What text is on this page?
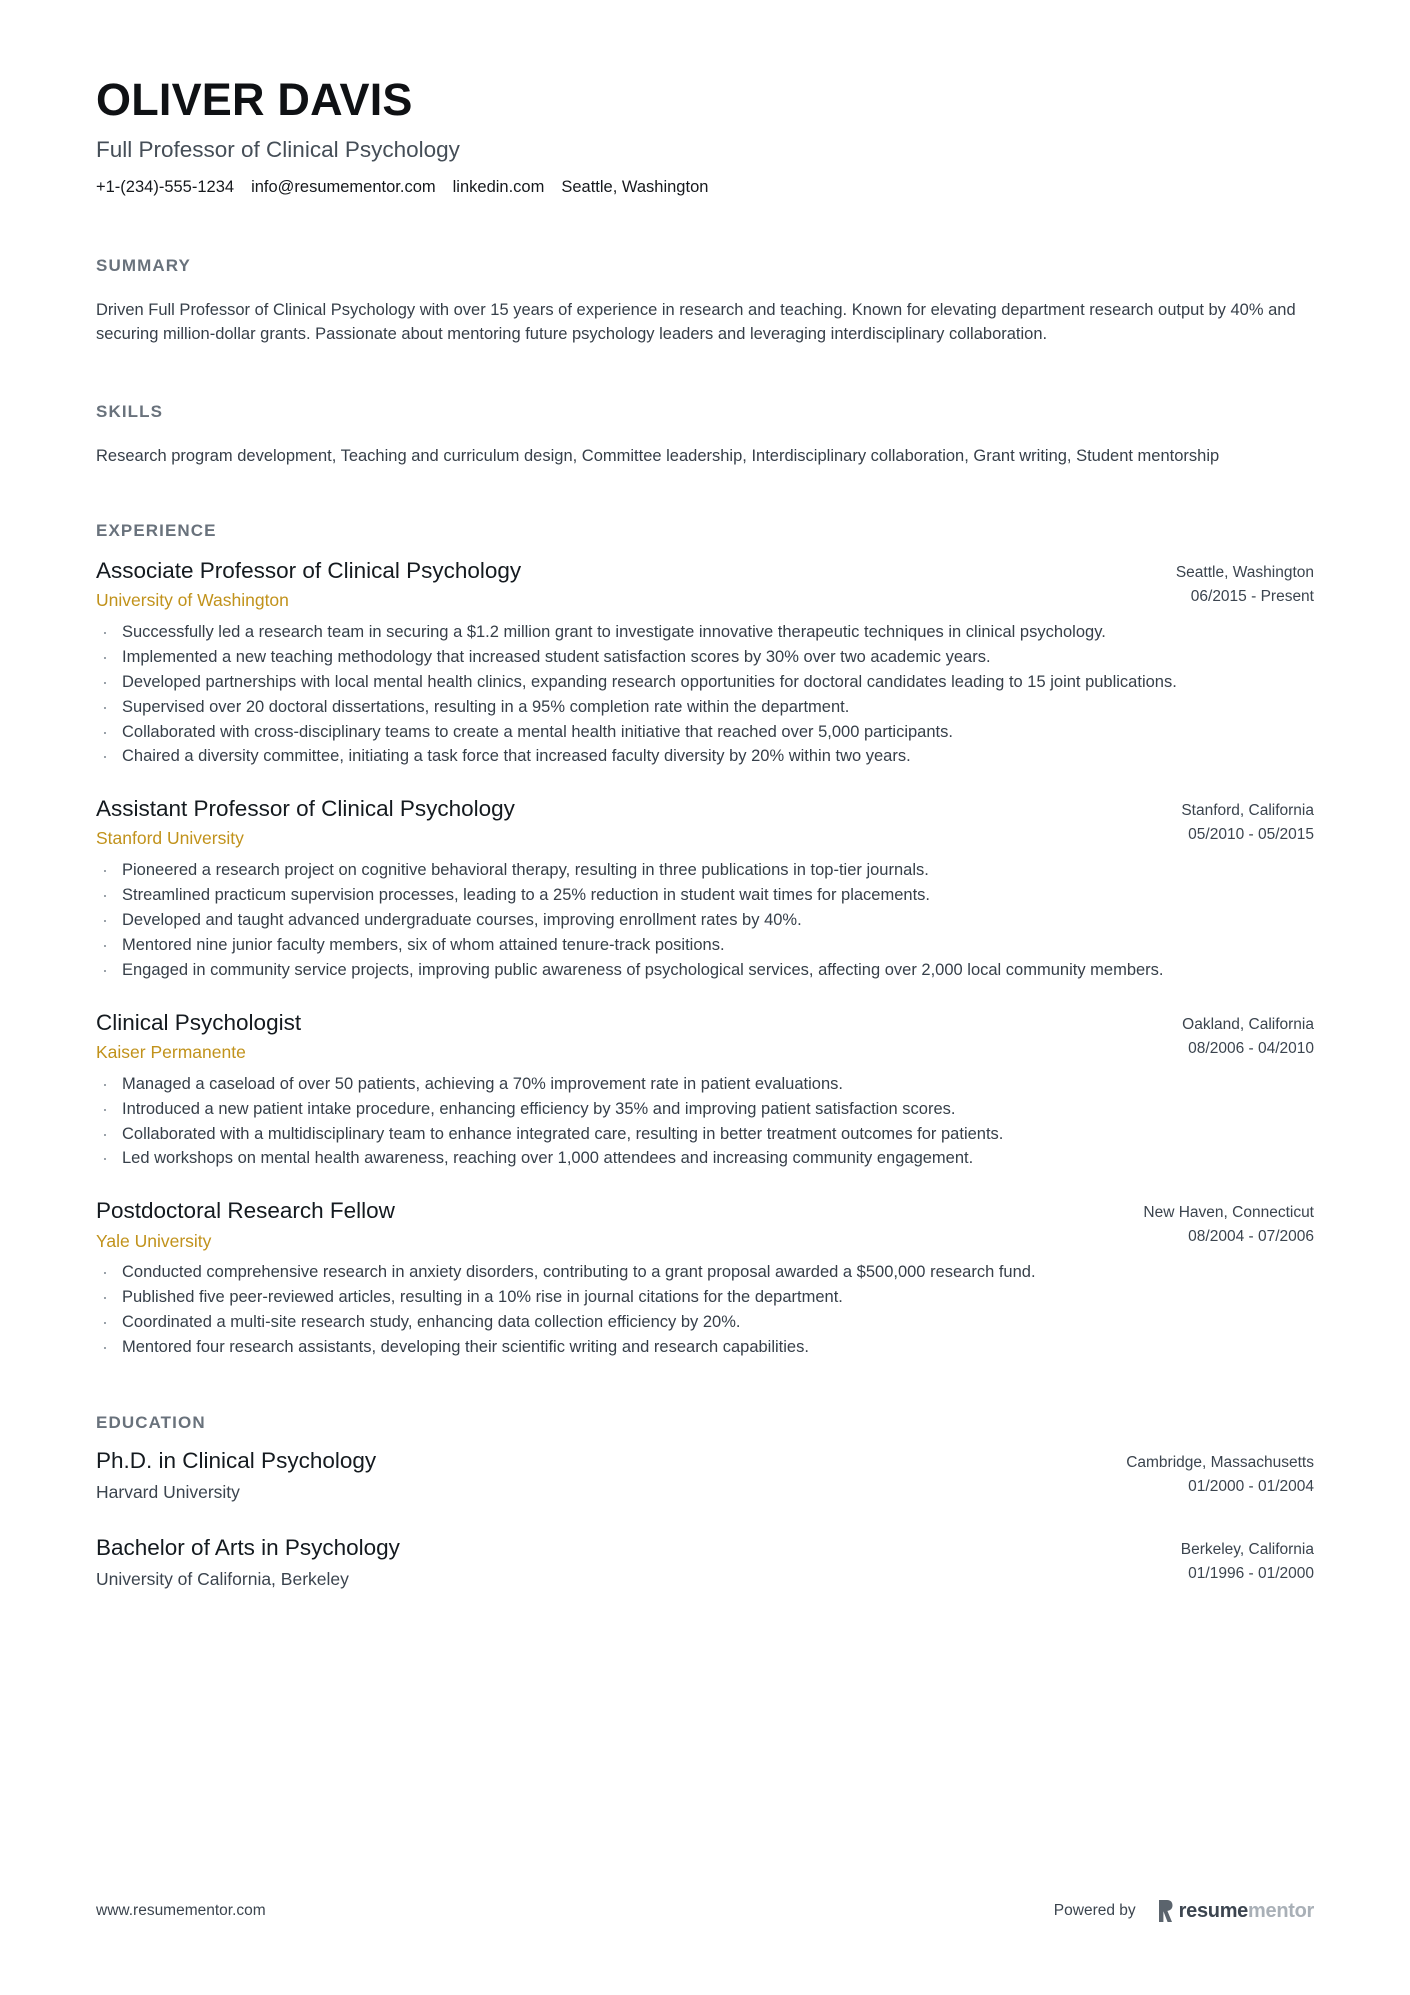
OLIVER DAVIS
Full Professor of Clinical Psychology
+1-(234)-555-1234 info@resumementor.com linkedin.com Seattle, Washington
SUMMARY
Driven Full Professor of Clinical Psychology with over 15 years of experience in research and teaching. Known for elevating department research output by 40% and securing million-dollar grants. Passionate about mentoring future psychology leaders and leveraging interdisciplinary collaboration.
SKILLS
Research program development, Teaching and curriculum design, Committee leadership, Interdisciplinary collaboration, Grant writing, Student mentorship
EXPERIENCE
Associate Professor of Clinical Psychology
University of Washington
Seattle, Washington
06/2015 - Present
· Successfully led a research team in securing a $1.2 million grant to investigate innovative therapeutic techniques in clinical psychology.
· Implemented a new teaching methodology that increased student satisfaction scores by 30% over two academic years.
· Developed partnerships with local mental health clinics, expanding research opportunities for doctoral candidates leading to 15 joint publications.
· Supervised over 20 doctoral dissertations, resulting in a 95% completion rate within the department.
· Collaborated with cross-disciplinary teams to create a mental health initiative that reached over 5,000 participants.
· Chaired a diversity committee, initiating a task force that increased faculty diversity by 20% within two years.
Assistant Professor of Clinical Psychology
Stanford University
Stanford, California
05/2010 - 05/2015
· Pioneered a research project on cognitive behavioral therapy, resulting in three publications in top-tier journals.
· Streamlined practicum supervision processes, leading to a 25% reduction in student wait times for placements.
· Developed and taught advanced undergraduate courses, improving enrollment rates by 40%.
· Mentored nine junior faculty members, six of whom attained tenure-track positions.
· Engaged in community service projects, improving public awareness of psychological services, affecting over 2,000 local community members.
Clinical Psychologist
Kaiser Permanente
Oakland, California
08/2006 - 04/2010
· Managed a caseload of over 50 patients, achieving a 70% improvement rate in patient evaluations.
· Introduced a new patient intake procedure, enhancing efficiency by 35% and improving patient satisfaction scores.
· Collaborated with a multidisciplinary team to enhance integrated care, resulting in better treatment outcomes for patients.
· Led workshops on mental health awareness, reaching over 1,000 attendees and increasing community engagement.
Postdoctoral Research Fellow
Yale University
New Haven, Connecticut
08/2004 - 07/2006
· Conducted comprehensive research in anxiety disorders, contributing to a grant proposal awarded a $500,000 research fund.
· Published five peer-reviewed articles, resulting in a 10% rise in journal citations for the department.
· Coordinated a multi-site research study, enhancing data collection efficiency by 20%.
· Mentored four research assistants, developing their scientific writing and research capabilities.
EDUCATION
Ph.D. in Clinical Psychology
Harvard University
Cambridge, Massachusetts
01/2000 - 01/2004
Bachelor of Arts in Psychology
University of California, Berkeley
Berkeley, California
01/1996 - 01/2000
www.resumementor.com	Powered by resumementor
